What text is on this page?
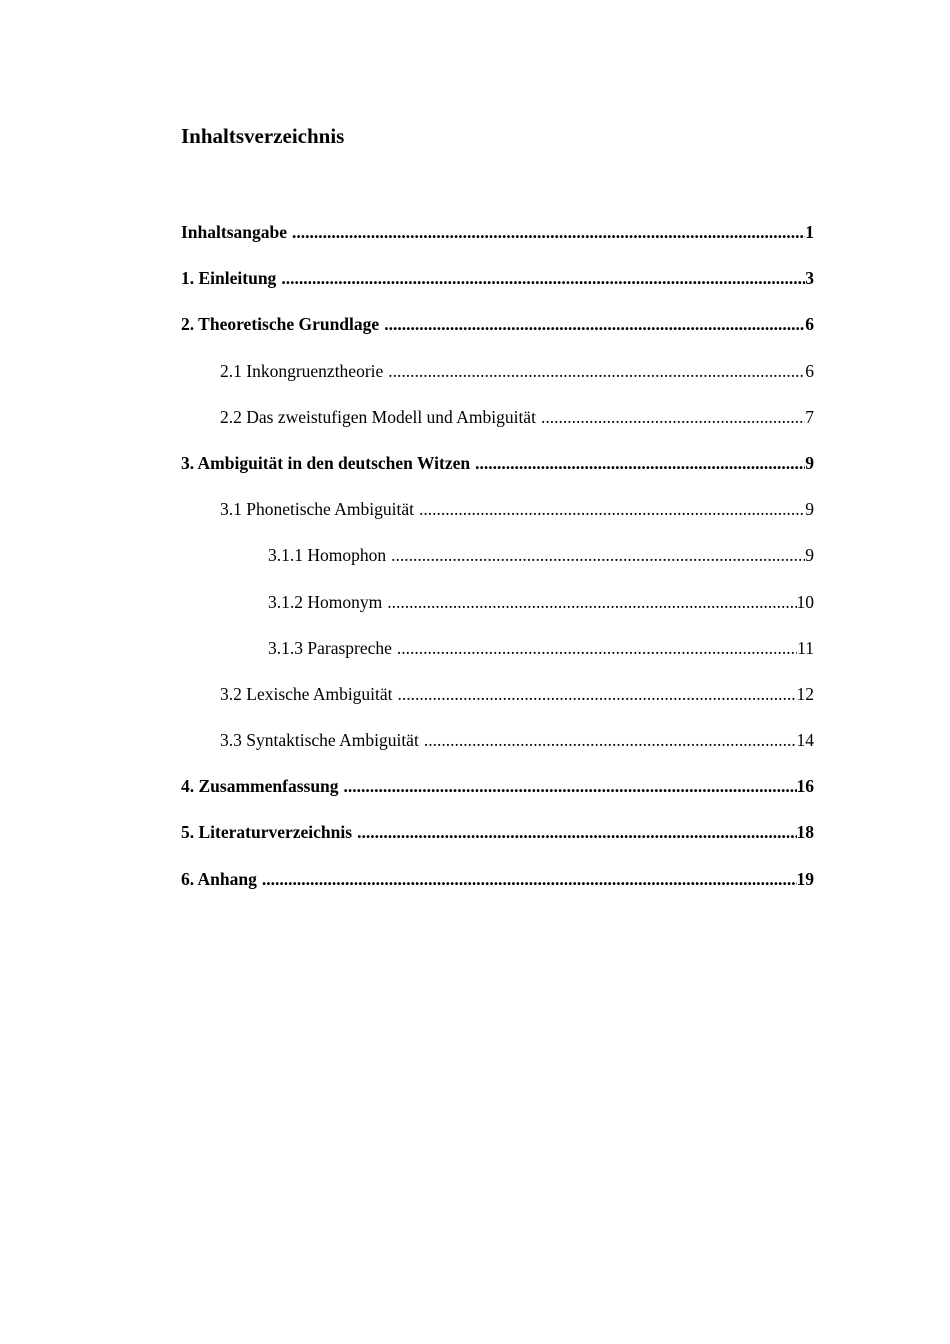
Inhaltsverzeichnis
Inhaltsangabe .....	1
1. Einleitung .....	3
2. Theoretische Grundlage .....	6
2.1 Inkongruenztheorie .....	6
2.2 Das zweistufigen Modell und Ambiguität .....	7
3. Ambiguität in den deutschen Witzen .....	9
3.1 Phonetische Ambiguität .....	9
3.1.1 Homophon .....	9
3.1.2 Homonym .....	10
3.1.3 Paraspreche .....	11
3.2 Lexische Ambiguität .....	12
3.3 Syntaktische Ambiguität .....	14
4. Zusammenfassung .....	16
5. Literaturverzeichnis .....	18
6. Anhang .....	19
